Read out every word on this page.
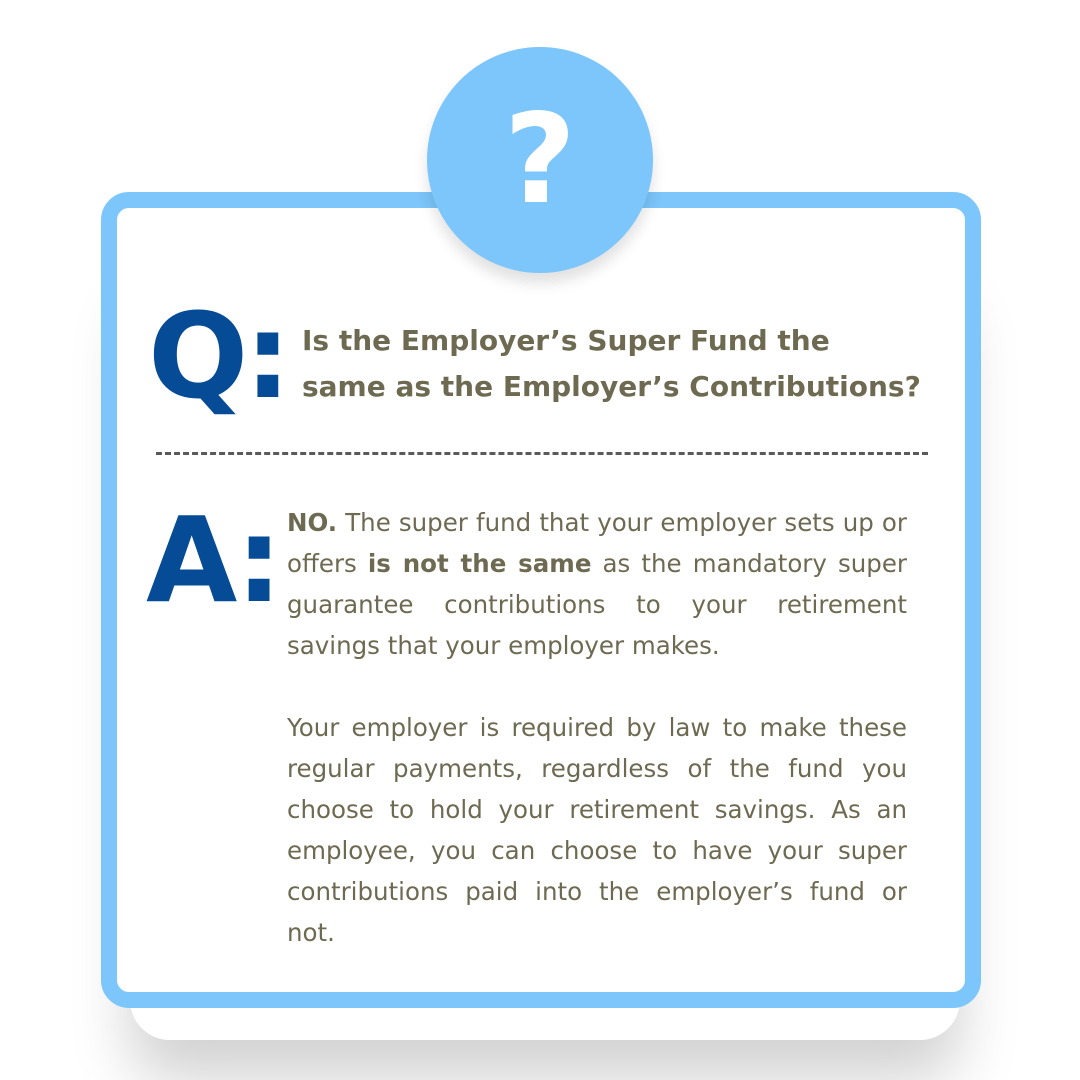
?
Q: Is the Employer’s Super Fund the same as the Employer’s Contributions?

A: NO. The super fund that your employer sets up or offers is not the same as the mandatory super guarantee contributions to your retirement savings that your employer makes.

Your employer is required by law to make these regular payments, regardless of the fund you choose to hold your retirement savings. As an employee, you can choose to have your super contributions paid into the employer’s fund or not.
